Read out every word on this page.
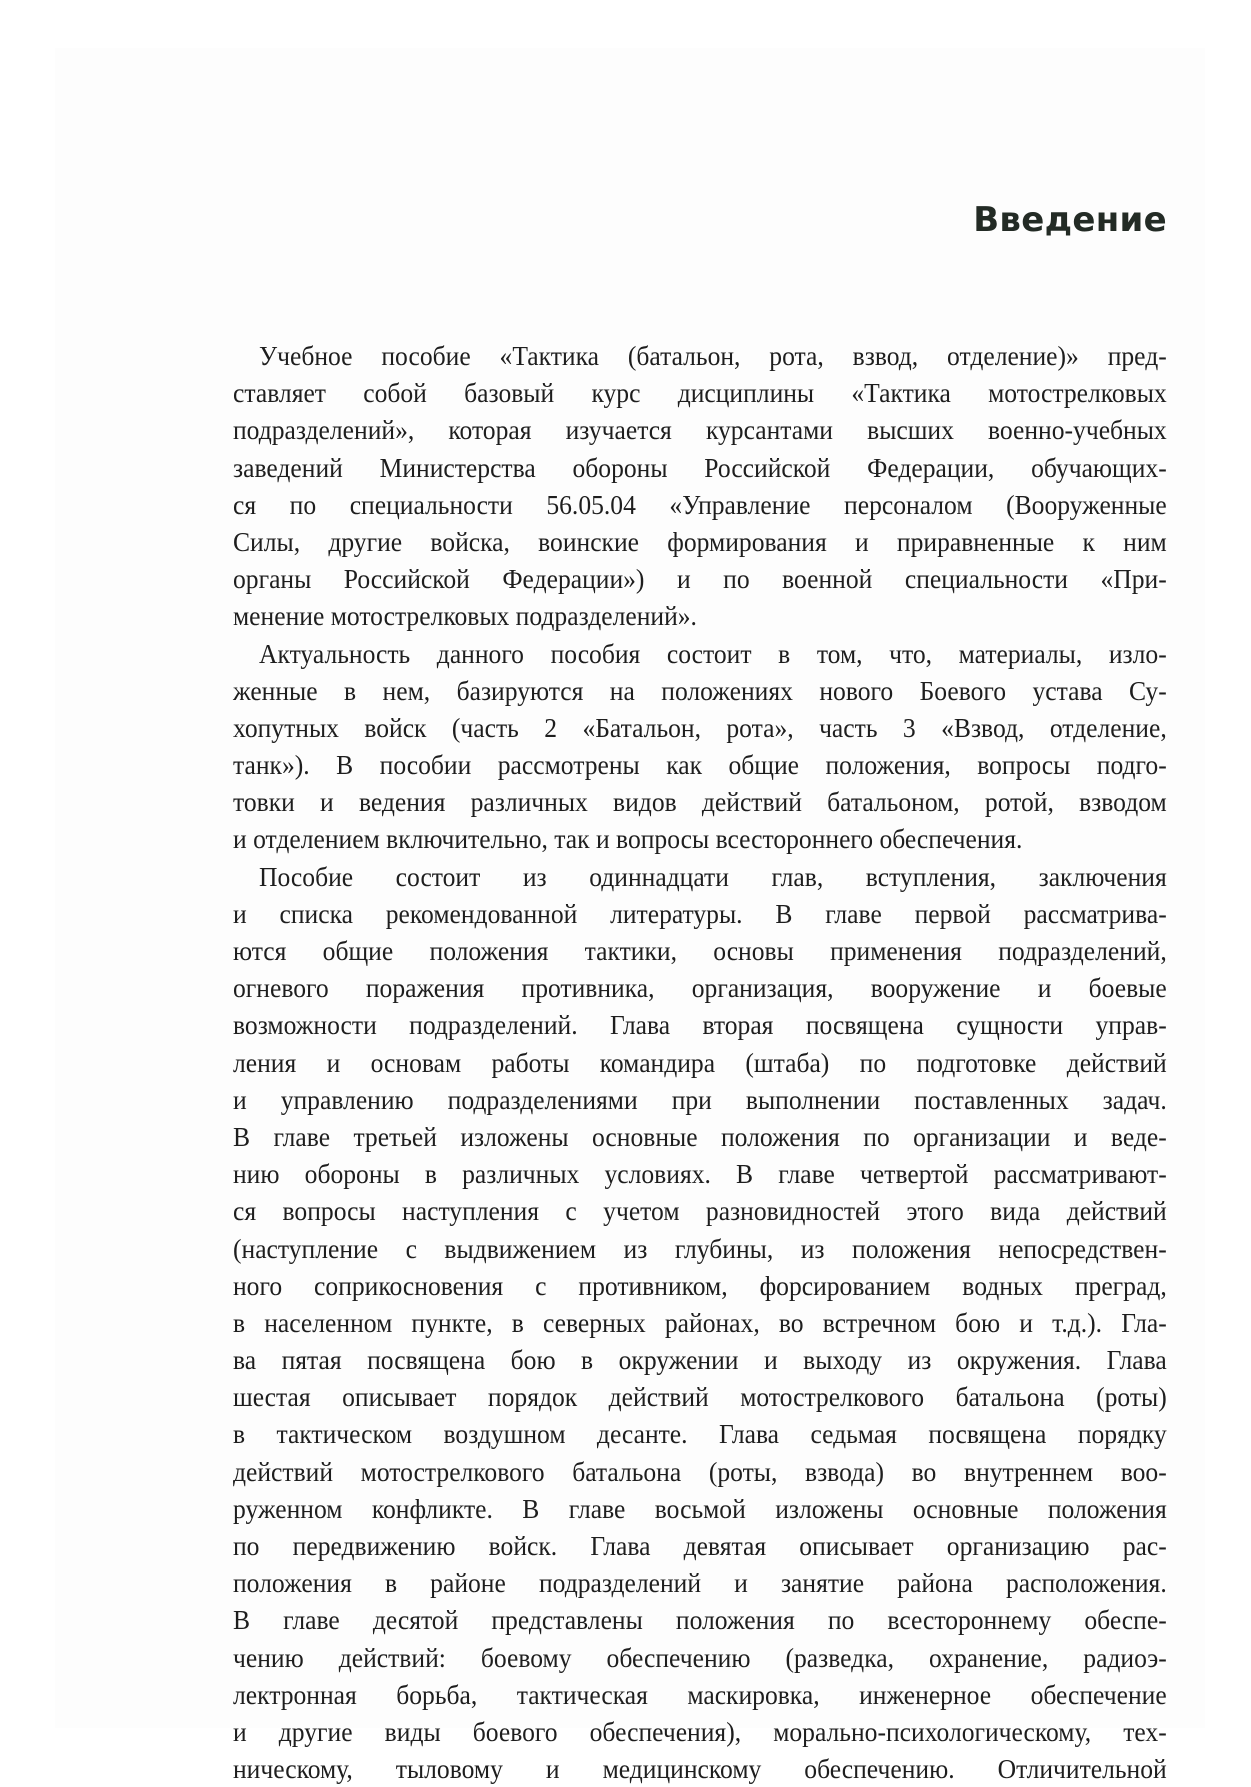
Введение
Учебное пособие «Тактика (батальон, рота, взвод, отделение)» пред-
ставляет собой базовый курс дисциплины «Тактика мотострелковых
подразделений», которая изучается курсантами высших военно-учебных
заведений Министерства обороны Российской Федерации, обучающих-
ся по специальности 56.05.04 «Управление персоналом (Вооруженные
Силы, другие войска, воинские формирования и приравненные к ним
органы Российской Федерации») и по военной специальности «При-
менение мотострелковых подразделений».
Актуальность данного пособия состоит в том, что, материалы, изло-
женные в нем, базируются на положениях нового Боевого устава Су-
хопутных войск (часть 2 «Батальон, рота», часть 3 «Взвод, отделение,
танк»). В пособии рассмотрены как общие положения, вопросы подго-
товки и ведения различных видов действий батальоном, ротой, взводом
и отделением включительно, так и вопросы всестороннего обеспечения.
Пособие состоит из одиннадцати глав, вступления, заключения
и списка рекомендованной литературы. В главе первой рассматрива-
ются общие положения тактики, основы применения подразделений,
огневого поражения противника, организация, вооружение и боевые
возможности подразделений. Глава вторая посвящена сущности управ-
ления и основам работы командира (штаба) по подготовке действий
и управлению подразделениями при выполнении поставленных задач.
В главе третьей изложены основные положения по организации и веде-
нию обороны в различных условиях. В главе четвертой рассматривают-
ся вопросы наступления с учетом разновидностей этого вида действий
(наступление с выдвижением из глубины, из положения непосредствен-
ного соприкосновения с противником, форсированием водных преград,
в населенном пункте, в северных районах, во встречном бою и т.д.). Гла-
ва пятая посвящена бою в окружении и выходу из окружения. Глава
шестая описывает порядок действий мотострелкового батальона (роты)
в тактическом воздушном десанте. Глава седьмая посвящена порядку
действий мотострелкового батальона (роты, взвода) во внутреннем воо-
руженном конфликте. В главе восьмой изложены основные положения
по передвижению войск. Глава девятая описывает организацию рас-
положения в районе подразделений и занятие района расположения.
В главе десятой представлены положения по всестороннему обеспе-
чению действий: боевому обеспечению (разведка, охранение, радиоэ-
лектронная борьба, тактическая маскировка, инженерное обеспечение
и другие виды боевого обеспечения), морально-психологическому, тех-
ническому, тыловому и медицинскому обеспечению. Отличительной
